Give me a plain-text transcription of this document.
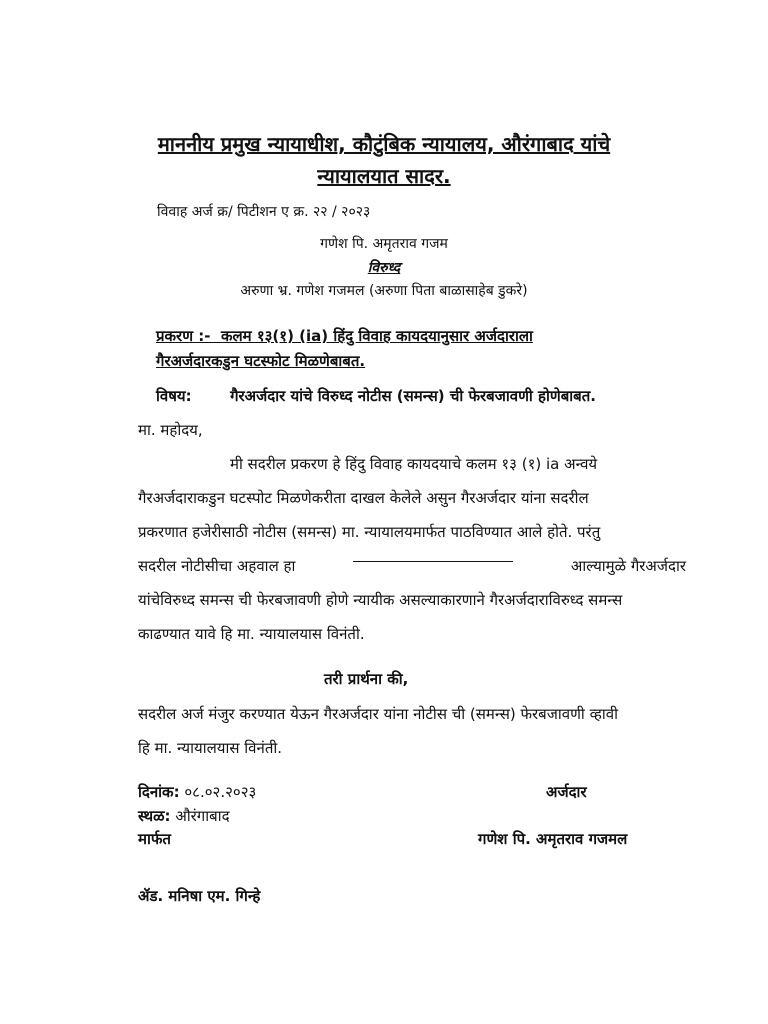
माननीय प्रमुख न्यायाधीश, कौटुंबिक न्यायालय, औरंगाबाद यांचे
न्यायालयात सादर.
विवाह अर्ज क्र/ पिटीशन ए क्र. २२ / २०२३
गणेश पि. अमृतराव गजम
विरुध्द
अरुणा भ्र. गणेश गजमल (अरुणा पिता बाळासाहेब डुकरे)
प्रकरण :- कलम १३(१) (ia) हिंदु विवाह कायदयानुसार अर्जदाराला
गैरअर्जदारकडुन घटस्फोट मिळणेबाबत.
विषय:	गैरअर्जदार यांचे विरुध्द नोटीस (समन्स) ची फेरबजावणी होणेबाबत.
मा. महोदय,
मी सदरील प्रकरण हे हिंदु विवाह कायदयाचे कलम १३ (१) ia अन्वये
गैरअर्जदाराकडुन घटस्पोट मिळणेकरीता दाखल केलेले असुन गैरअर्जदार यांना सदरील
प्रकरणात हजेरीसाठी नोटीस (समन्स) मा. न्यायालयमार्फत पाठविण्यात आले होते. परंतु
सदरील नोटीसीचा अहवाल हा	आल्यामुळे गैरअर्जदार
यांचेविरुध्द समन्स ची फेरबजावणी होणे न्यायीक असल्याकारणाने गैरअर्जदाराविरुध्द समन्स
काढण्यात यावे हि मा. न्यायालयास विनंती.
तरी प्रार्थना की,
सदरील अर्ज मंजुर करण्यात येऊन गैरअर्जदार यांना नोटीस ची (समन्स) फेरबजावणी व्हावी
हि मा. न्यायालयास विनंती.
दिनांक: ०८.०२.२०२३	अर्जदार
स्थळ: औरंगाबाद
मार्फत	गणेश पि. अमृतराव गजमल
ॲड. मनिषा एम. गिन्हे
